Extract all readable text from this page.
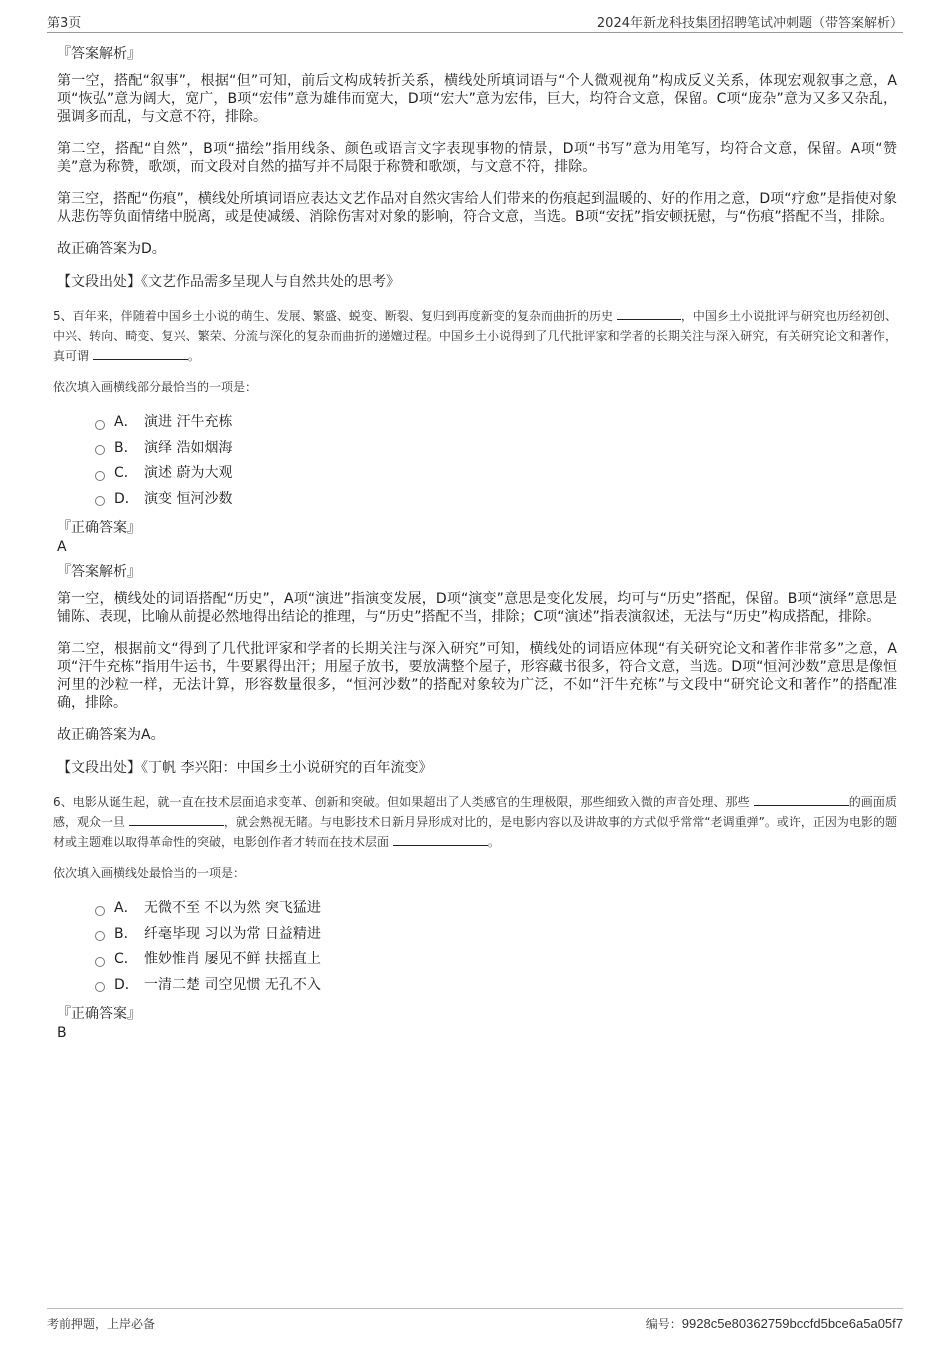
第3页	2024年新龙科技集团招聘笔试冲刺题（带答案解析）
『答案解析』

第一空，搭配“叙事”，根据“但”可知，前后文构成转折关系，横线处所填词语与“个人微观视角”构成反义关系，体现宏观叙事之意，A项“恢弘”意为阔大，宽广，B项“宏伟”意为雄伟而宽大，D项“宏大”意为宏伟，巨大，均符合文意，保留。C项“庞杂”意为又多又杂乱，强调多而乱，与文意不符，排除。

第二空，搭配“自然”，B项“描绘”指用线条、颜色或语言文字表现事物的情景，D项“书写”意为用笔写，均符合文意，保留。A项“赞美”意为称赞，歌颂，而文段对自然的描写并不局限于称赞和歌颂，与文意不符，排除。

第三空，搭配“伤痕”，横线处所填词语应表达文艺作品对自然灾害给人们带来的伤痕起到温暖的、好的作用之意，D项“疗愈”是指使对象从悲伤等负面情绪中脱离，或是使减缓、消除伤害对对象的影响，符合文意，当选。B项“安抚”指安顿抚慰，与“伤痕”搭配不当，排除。

故正确答案为D。

【文段出处】《文艺作品需多呈现人与自然共处的思考》
5、百年来，伴随着中国乡土小说的萌生、发展、繁盛、蜕变、断裂、复归到再度新变的复杂而曲折的历史	，中国乡土小说批评与研究也历经初创、中兴、转向、畸变、复兴、繁荣、分流与深化的复杂而曲折的递嬗过程。中国乡土小说得到了几代批评家和学者的长期关注与深入研究，有关研究论文和著作，真可谓	。
依次填入画横线部分最恰当的一项是：
A． 演进 汗牛充栋
B． 演绎 浩如烟海
C． 演述 蔚为大观
D． 演变 恒河沙数
『正确答案』
A
『答案解析』

第一空，横线处的词语搭配“历史”，A项“演进”指演变发展，D项“演变”意思是变化发展，均可与“历史”搭配，保留。B项“演绎”意思是铺陈、表现，比喻从前提必然地得出结论的推理，与“历史”搭配不当，排除；C项“演述”指表演叙述，无法与“历史”构成搭配，排除。

第二空，根据前文“得到了几代批评家和学者的长期关注与深入研究”可知，横线处的词语应体现“有关研究论文和著作非常多”之意，A项“汗牛充栋”指用牛运书，牛要累得出汗；用屋子放书，要放满整个屋子，形容藏书很多，符合文意，当选。D项“恒河沙数”意思是像恒河里的沙粒一样，无法计算，形容数量很多，“恒河沙数”的搭配对象较为广泛，不如“汗牛充栋”与文段中“研究论文和著作”的搭配准确，排除。

故正确答案为A。

【文段出处】《丁帆 李兴阳：中国乡土小说研究的百年流变》
6、电影从诞生起，就一直在技术层面追求变革、创新和突破。但如果超出了人类感官的生理极限，那些细致入微的声音处理、那些	的画面质感，观众一旦	，就会熟视无睹。与电影技术日新月异形成对比的，是电影内容以及讲故事的方式似乎常常“老调重弹”。或许，正因为电影的题材或主题难以取得革命性的突破，电影创作者才转而在技术层面	。
依次填入画横线处最恰当的一项是：
A． 无微不至 不以为然 突飞猛进
B． 纤毫毕现 习以为常 日益精进
C． 惟妙惟肖 屡见不鲜 扶摇直上
D． 一清二楚 司空见惯 无孔不入
『正确答案』
B
考前押题，上岸必备	编号：9928c5e80362759bccfd5bce6a5a05f7
